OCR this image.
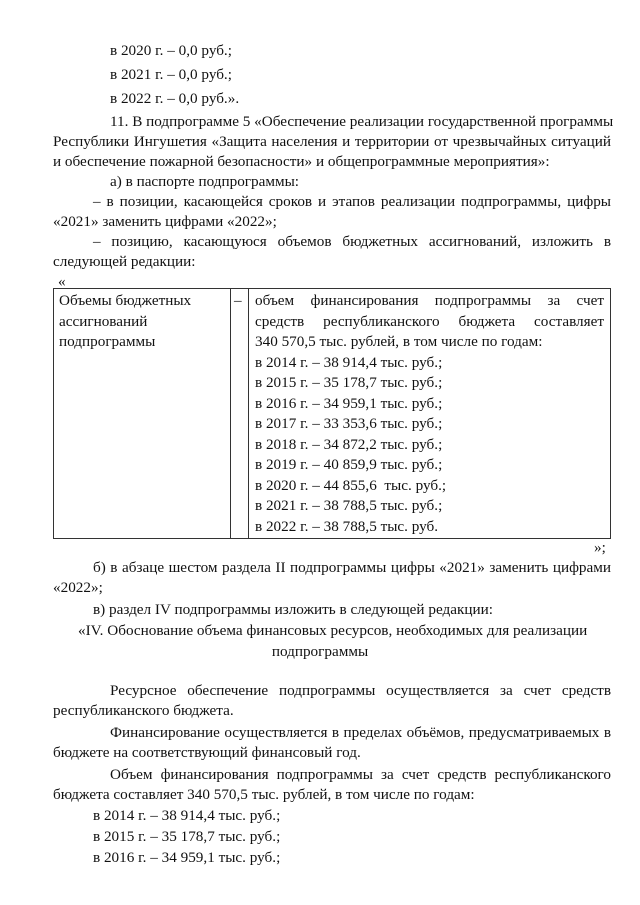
в 2020 г. – 0,0 руб.;
в 2021 г. – 0,0 руб.;
в 2022 г. – 0,0 руб.».
11. В подпрограмме 5 «Обеспечение реализации государственной программы
Республики Ингушетия «Защита населения и территории от чрезвычайных ситуаций
и обеспечение пожарной безопасности» и общепрограммные мероприятия»:
а) в паспорте подпрограммы:
– в позиции, касающейся сроков и этапов реализации подпрограммы, цифры
«2021» заменить цифрами «2022»;
– позицию, касающуюся объемов бюджетных ассигнований, изложить в
следующей редакции:
«
Объемы бюджетных
ассигнований
подпрограммы
– объем финансирования подпрограммы за счет
средств республиканского бюджета составляет
340 570,5 тыс. рублей, в том числе по годам:
в 2014 г. – 38 914,4 тыс. руб.;
в 2015 г. – 35 178,7 тыс. руб.;
в 2016 г. – 34 959,1 тыс. руб.;
в 2017 г. – 33 353,6 тыс. руб.;
в 2018 г. – 34 872,2 тыс. руб.;
в 2019 г. – 40 859,9 тыс. руб.;
в 2020 г. – 44 855,6  тыс. руб.;
в 2021 г. – 38 788,5 тыс. руб.;
в 2022 г. – 38 788,5 тыс. руб.
»;
б) в абзаце шестом раздела II подпрограммы цифры «2021» заменить цифрами
«2022»;
в) раздел IV подпрограммы изложить в следующей редакции:
«IV. Обоснование объема финансовых ресурсов, необходимых для реализации
подпрограммы
Ресурсное обеспечение подпрограммы осуществляется за счет средств
республиканского бюджета.
Финансирование осуществляется в пределах объёмов, предусматриваемых в
бюджете на соответствующий финансовый год.
Объем финансирования подпрограммы за счет средств республиканского
бюджета составляет 340 570,5 тыс. рублей, в том числе по годам:
в 2014 г. – 38 914,4 тыс. руб.;
в 2015 г. – 35 178,7 тыс. руб.;
в 2016 г. – 34 959,1 тыс. руб.;
